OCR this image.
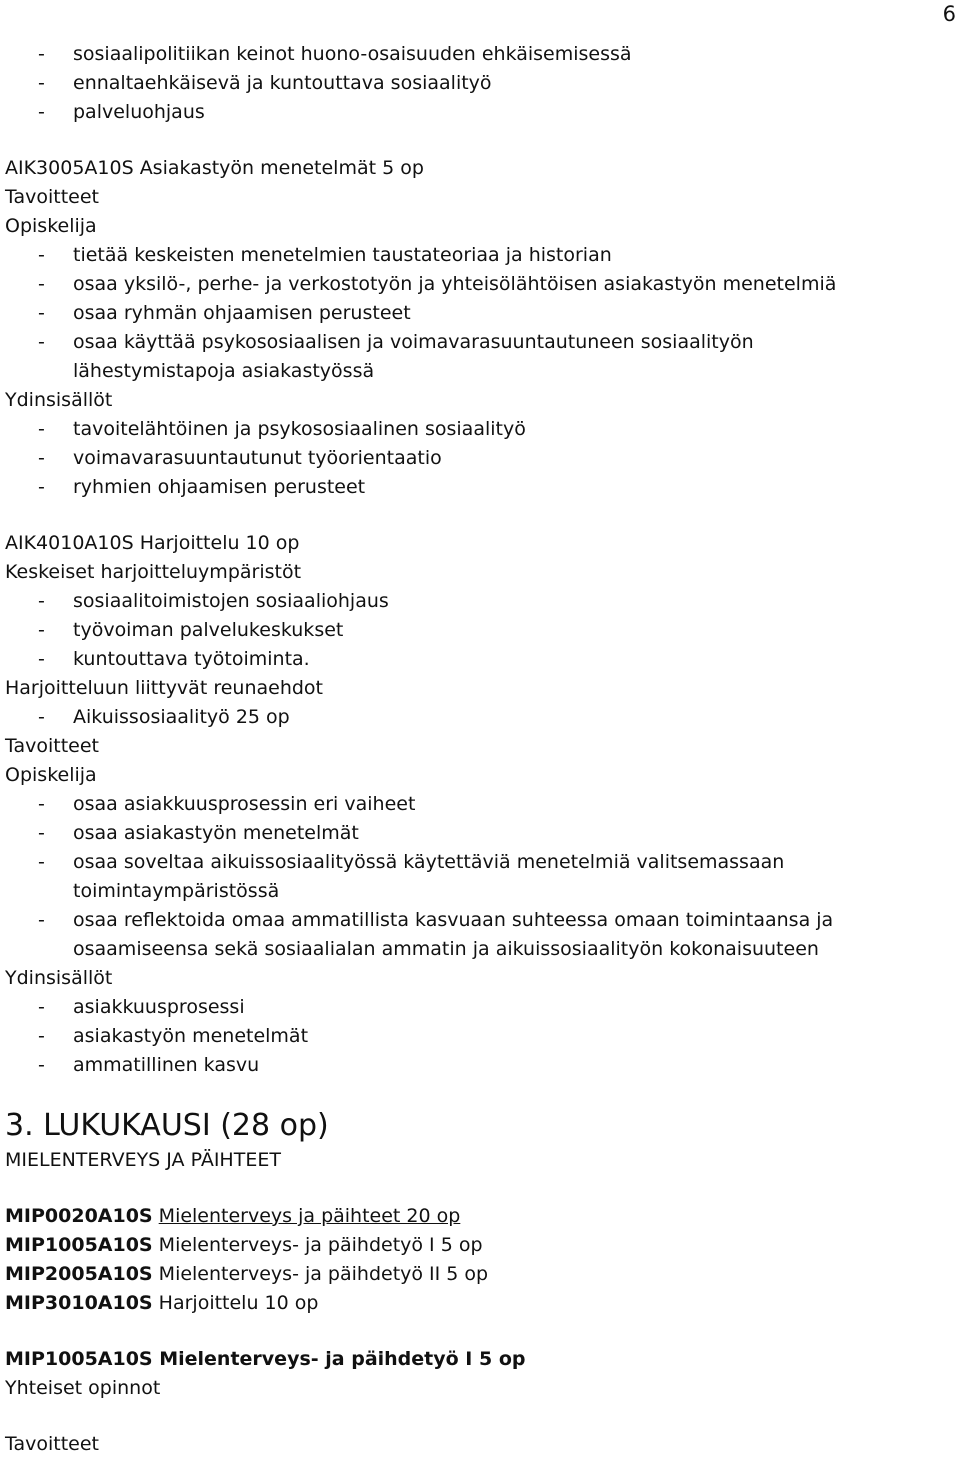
6
- sosiaalipolitiikan keinot huono-osaisuuden ehkäisemisessä
- ennaltaehkäisevä ja kuntouttava sosiaalityö
- palveluohjaus
AIK3005A10S Asiakastyön menetelmät 5 op
Tavoitteet
Opiskelija
- tietää keskeisten menetelmien taustateoriaa ja historian
- osaa yksilö-, perhe- ja verkostotyön ja yhteisölähtöisen asiakastyön menetelmiä
- osaa ryhmän ohjaamisen perusteet
- osaa käyttää psykososiaalisen ja voimavarasuuntautuneen sosiaalityön lähestymistapoja asiakastyössä
Ydinsisällöt
- tavoitelähtöinen ja psykososiaalinen sosiaalityö
- voimavarasuuntautunut työorientaatio
- ryhmien ohjaamisen perusteet
AIK4010A10S Harjoittelu 10 op
Keskeiset harjoitteluympäristöt
- sosiaalitoimistojen sosiaaliohjaus
- työvoiman palvelukeskukset
- kuntouttava työtoiminta.
Harjoitteluun liittyvät reunaehdot
- Aikuissosiaalityö 25 op
Tavoitteet
Opiskelija
- osaa asiakkuusprosessin eri vaiheet
- osaa asiakastyön menetelmät
- osaa soveltaa aikuissosiaalityössä käytettäviä menetelmiä valitsemassaan toimintaympäristössä
- osaa reflektoida omaa ammatillista kasvuaan suhteessa omaan toimintaansa ja osaamiseensa sekä sosiaalialan ammatin ja aikuissosiaalityön kokonaisuuteen
Ydinsisällöt
- asiakkuusprosessi
- asiakastyön menetelmät
- ammatillinen kasvu
3. LUKUKAUSI (28 op)
MIELENTERVEYS JA PÄIHTEET
MIP0020A10S Mielenterveys ja päihteet 20 op
MIP1005A10S Mielenterveys- ja päihdetyö I 5 op
MIP2005A10S Mielenterveys- ja päihdetyö II 5 op
MIP3010A10S Harjoittelu 10 op
MIP1005A10S Mielenterveys- ja päihdetyö I 5 op
Yhteiset opinnot
Tavoitteet
